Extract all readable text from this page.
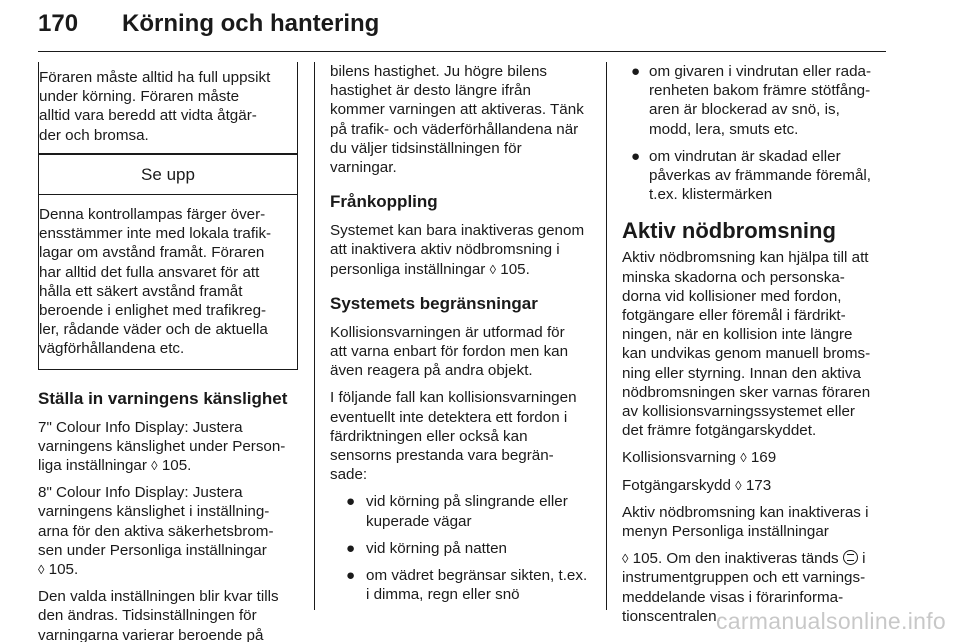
170 Körning och hantering
Föraren måste alltid ha full uppsikt
under körning. Föraren måste
alltid vara beredd att vidta åtgär-
der och bromsa.
Se upp
Denna kontrollampas färger över-
ensstämmer inte med lokala trafik-
lagar om avstånd framåt. Föraren
har alltid det fulla ansvaret för att
hålla ett säkert avstånd framåt
beroende i enlighet med trafikreg-
ler, rådande väder och de aktuella
vägförhållandena etc.
Ställa in varningens känslighet
7" Colour Info Display: Justera
varningens känslighet under Person-
liga inställningar ◊ 105.
8" Colour Info Display: Justera
varningens känslighet i inställning-
arna för den aktiva säkerhetsbrom-
sen under Personliga inställningar
◊ 105.
Den valda inställningen blir kvar tills
den ändras. Tidsinställningen för
varningarna varierar beroende på
bilens hastighet. Ju högre bilens
hastighet är desto längre ifrån
kommer varningen att aktiveras. Tänk
på trafik- och väderförhållandena när
du väljer tidsinställningen för
varningar.
Frånkoppling
Systemet kan bara inaktiveras genom
att inaktivera aktiv nödbromsning i
personliga inställningar ◊ 105.
Systemets begränsningar
Kollisionsvarningen är utformad för
att varna enbart för fordon men kan
även reagera på andra objekt.
I följande fall kan kollisionsvarningen
eventuellt inte detektera ett fordon i
färdriktningen eller också kan
sensorns prestanda vara begrän-
sade:
● vid körning på slingrande eller
kuperade vägar
● vid körning på natten
● om vädret begränsar sikten, t.ex.
i dimma, regn eller snö
● om givaren i vindrutan eller rada-
renheten bakom främre stötfång-
aren är blockerad av snö, is,
modd, lera, smuts etc.
● om vindrutan är skadad eller
påverkas av främmande föremål,
t.ex. klistermärken
Aktiv nödbromsning
Aktiv nödbromsning kan hjälpa till att
minska skadorna och personska-
dorna vid kollisioner med fordon,
fotgängare eller föremål i färdrikt-
ningen, när en kollision inte längre
kan undvikas genom manuell broms-
ning eller styrning. Innan den aktiva
nödbromsningen sker varnas föraren
av kollisionsvarningssystemet eller
det främre fotgängarskyddet.
Kollisionsvarning ◊ 169
Fotgängarskydd ◊ 173
Aktiv nödbromsning kan inaktiveras i
menyn Personliga inställningar
◊ 105. Om den inaktiveras tänds  i
instrumentgruppen och ett varnings-
meddelande visas i förarinforma-
tionscentralen.
carmanualsonline.info
